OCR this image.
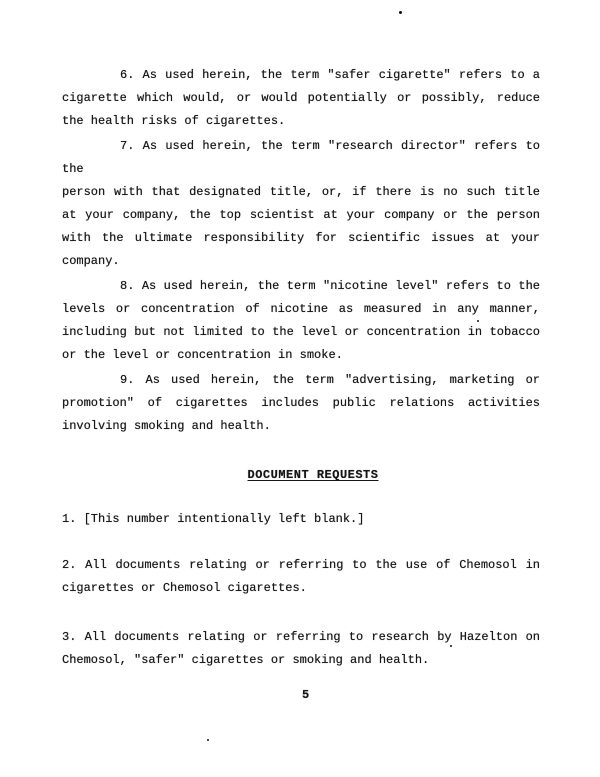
6. As used herein, the term "safer cigarette" refers to a
cigarette which would, or would potentially or possibly, reduce
the health risks of cigarettes.
7. As used herein, the term "research director" refers to the
person with that designated title, or, if there is no such title
at your company, the top scientist at your company or the person
with the ultimate responsibility for scientific issues at your
company.
8. As used herein, the term "nicotine level" refers to the
levels or concentration of nicotine as measured in any manner,
including but not limited to the level or concentration in tobacco
or the level or concentration in smoke.
9. As used herein, the term "advertising, marketing or
promotion" of cigarettes includes public relations activities
involving smoking and health.
DOCUMENT REQUESTS
1. [This number intentionally left blank.]
2. All documents relating or referring to the use of Chemosol in
cigarettes or Chemosol cigarettes.
3. All documents relating or referring to research by Hazelton on
Chemosol, "safer" cigarettes or smoking and health.
5
